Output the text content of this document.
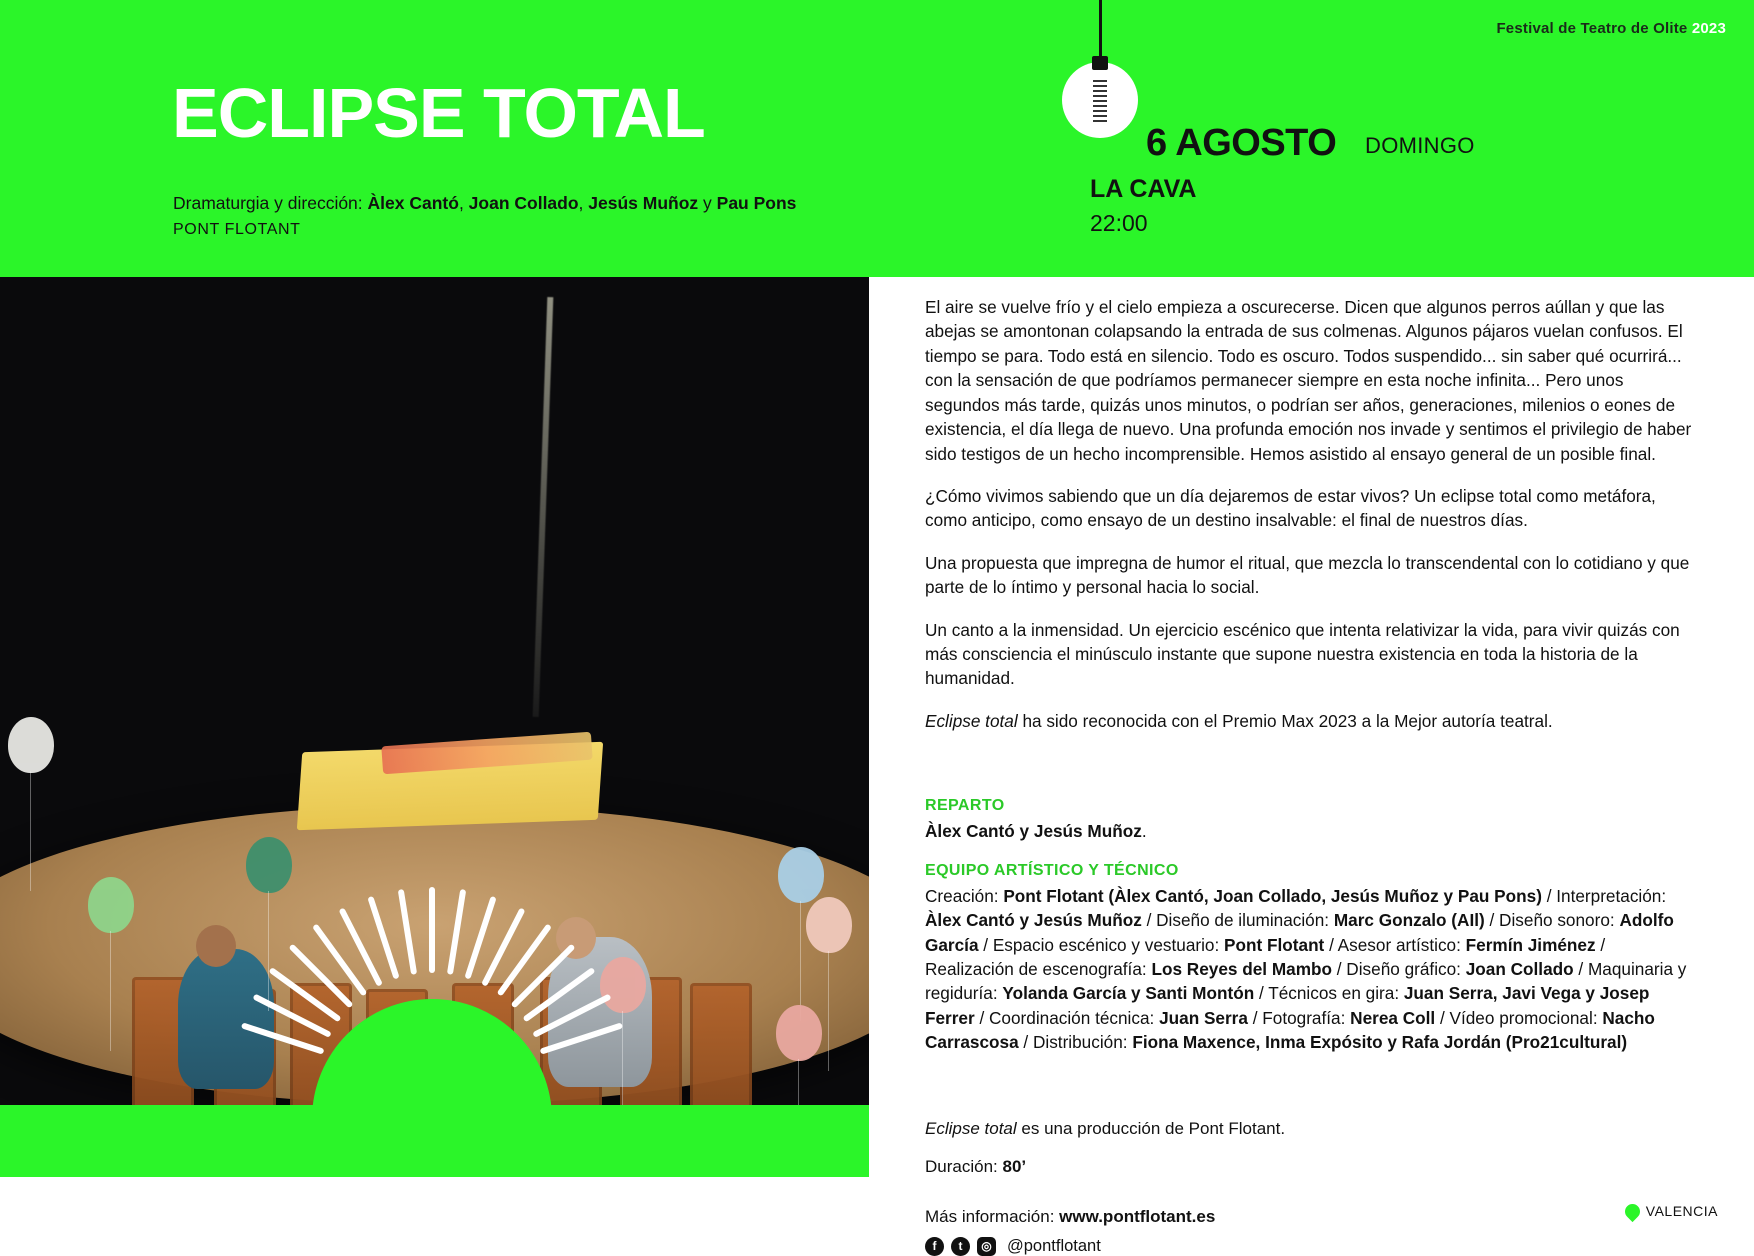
Festival de Teatro de Olite 2023
ECLIPSE TOTAL
Dramaturgia y dirección: Àlex Cantó, Joan Collado, Jesús Muñoz y Pau Pons
PONT FLOTANT
6 AGOSTO DOMINGO
LA CAVA
22:00

El aire se vuelve frío y el cielo empieza a oscurecerse. Dicen que algunos perros aúllan y que las abejas se amontonan colapsando la entrada de sus colmenas. Algunos pájaros vuelan confusos. El tiempo se para. Todo está en silencio. Todo es oscuro. Todos suspendido... sin saber qué ocurrirá... con la sensación de que podríamos permanecer siempre en esta noche infinita... Pero unos segundos más tarde, quizás unos minutos, o podrían ser años, generaciones, milenios o eones de existencia, el día llega de nuevo. Una profunda emoción nos invade y sentimos el privilegio de haber sido testigos de un hecho incomprensible. Hemos asistido al ensayo general de un posible final.

¿Cómo vivimos sabiendo que un día dejaremos de estar vivos? Un eclipse total como metáfora, como anticipo, como ensayo de un destino insalvable: el final de nuestros días.

Una propuesta que impregna de humor el ritual, que mezcla lo transcendental con lo cotidiano y que parte de lo íntimo y personal hacia lo social.

Un canto a la inmensidad. Un ejercicio escénico que intenta relativizar la vida, para vivir quizás con más consciencia el minúsculo instante que supone nuestra existencia en toda la historia de la humanidad.

Eclipse total ha sido reconocida con el Premio Max 2023 a la Mejor autoría teatral.

REPARTO

Àlex Cantó y Jesús Muñoz.

EQUIPO ARTÍSTICO Y TÉCNICO

Creación: Pont Flotant (Àlex Cantó, Joan Collado, Jesús Muñoz y Pau Pons) / Interpretación: Àlex Cantó y Jesús Muñoz / Diseño de iluminación: Marc Gonzalo (AIl) / Diseño sonoro: Adolfo García / Espacio escénico y vestuario: Pont Flotant / Asesor artístico: Fermín Jiménez / Realización de escenografía: Los Reyes del Mambo / Diseño gráfico: Joan Collado / Maquinaria y regiduría: Yolanda García y Santi Montón / Técnicos en gira: Juan Serra, Javi Vega y Josep Ferrer / Coordinación técnica: Juan Serra / Fotografía: Nerea Coll / Vídeo promocional: Nacho Carrascosa / Distribución: Fiona Maxence, Inma Expósito y Rafa Jordán (Pro21cultural)

Eclipse total es una producción de Pont Flotant.

Duración: 80’

Más información: www.pontflotant.es

f	t	◎ @pontflotant
VALENCIA
